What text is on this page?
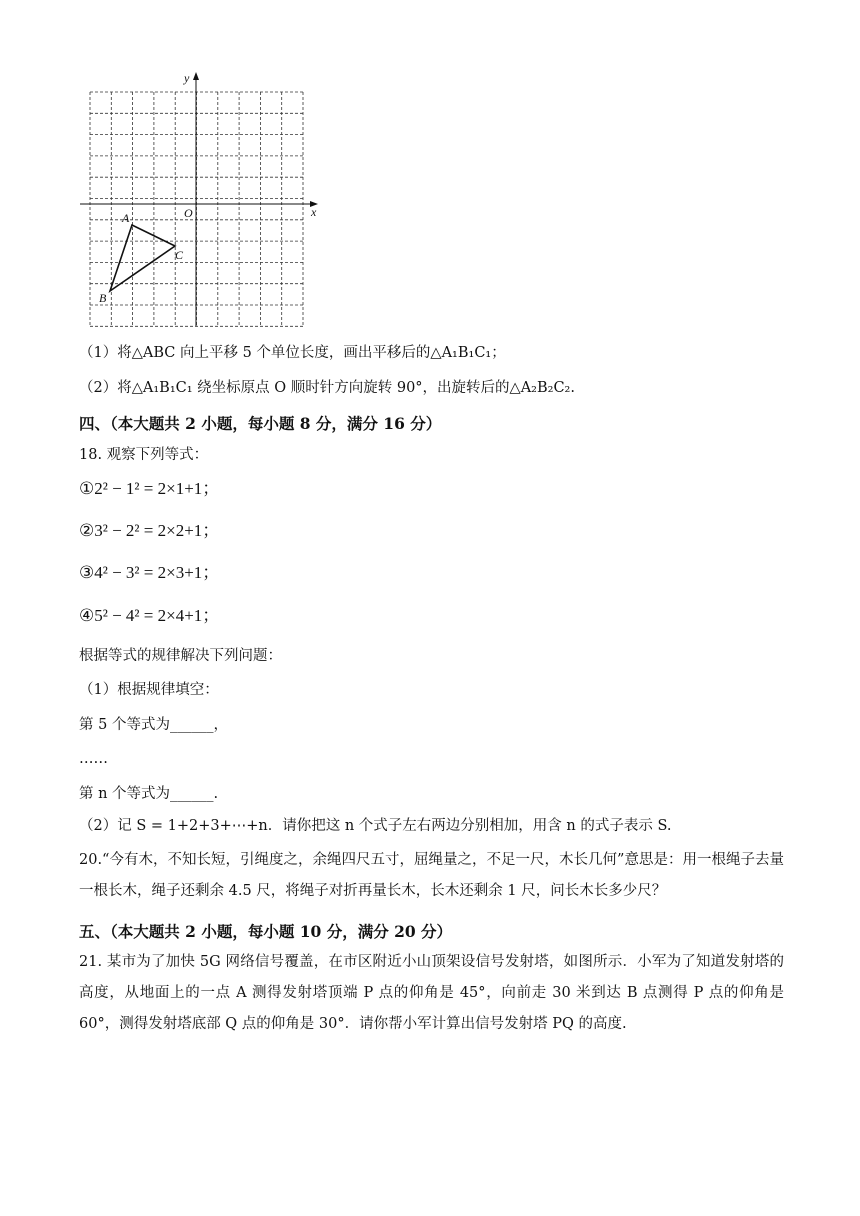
x
y
O
A
B
C
（1）将△ABC 向上平移 5 个单位长度，画出平移后的△A₁B₁C₁；
（2）将△A₁B₁C₁ 绕坐标原点 O 顺时针方向旋转 90°，出旋转后的△A₂B₂C₂.
四、（本大题共 2 小题，每小题 8 分，满分 16 分）
18. 观察下列等式：
①2² − 1² = 2×1+1；
②3² − 2² = 2×2+1；
③4² − 3² = 2×3+1；
④5² − 4² = 2×4+1；
根据等式的规律解决下列问题：
（1）根据规律填空：
第 5 个等式为______，
……
第 n 个等式为______.
（2）记 S = 1+2+3+⋯+n．请你把这 n 个式子左右两边分别相加，用含 n 的式子表示 S.
20.“今有木，不知长短，引绳度之，余绳四尺五寸，屈绳量之，不足一尺，木长几何”意思是：用一根绳子去量一根长木，绳子还剩余 4.5 尺，将绳子对折再量长木，长木还剩余 1 尺，问长木长多少尺？
五、（本大题共 2 小题，每小题 10 分，满分 20 分）
21. 某市为了加快 5G 网络信号覆盖，在市区附近小山顶架设信号发射塔，如图所示．小军为了知道发射塔的高度，从地面上的一点 A 测得发射塔顶端 P 点的仰角是 45°，向前走 30 米到达 B 点测得 P 点的仰角是 60°，测得发射塔底部 Q 点的仰角是 30°．请你帮小军计算出信号发射塔 PQ 的高度.
